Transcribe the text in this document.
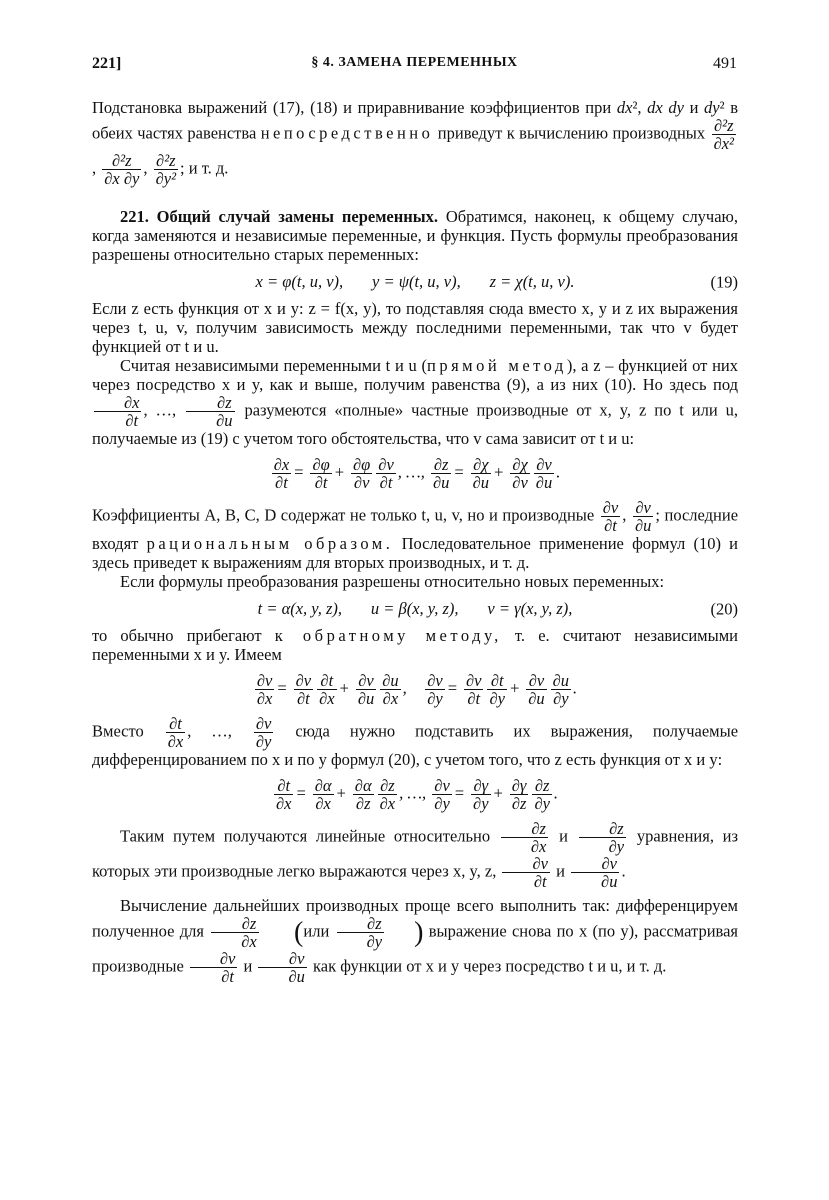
221]	§ 4. ЗАМЕНА ПЕРЕМЕННЫХ	491

Подстановка выражений (17), (18) и приравнивание коэффициентов при dx², dx dy и dy² в обеих частях равенства непосредственно приведут к вычислению производных $\frac{\text{∂²z}}{\text{∂x²}}$
, $\frac{\text{∂²z}}{\partial x \partial y}$ , $\frac{\text{∂²z}}{\text{∂y²}}$ ; и т. д.

221. Общий случай замены переменных. Обратимся, наконец, к общему случаю, когда заменяются и независимые переменные, и функция. Пусть формулы преобразования разрешены относительно старых переменных:

x = φ(t, u, v), y = ψ(t, u, v), z = χ(t, u, v).	(19)

Если z есть функция от x и y: z = f(x, y), то подставляя сюда вместо x, y и z их выражения через t, u, v, получим зависимость между последними переменными, так что v будет функцией от t и u.

Считая независимыми переменными t и u (прямой метод), а z – функцией от них через посредство x и y, как и выше, получим равенства (9), а из них (10). Но здесь под
$\frac{\partial x}{\partial t}$ , …, $\frac{\partial z}{\partial u}$ разумеются «полные» частные производные от x, y, z по t или u, получаемые из (19) с учетом того обстоятельства, что v сама зависит от t и u:

$\frac{\partial x}{\partial t} = \frac{\partial\varphi}{\partial t} + \frac{\partial\varphi}{\partial v} \frac{\partial v}{\partial t}$ , …, $\frac{\partial z}{\partial u} = \frac{\partial\chi}{\partial u} + \frac{\partial\chi}{\partial v} \frac{\partial v}{\partial u}$ .

Коэффициенты A, B, C, D содержат не только t, u, v, но и производные $\frac{\partial v}{\partial t}$ , $\frac{\partial v}{\partial u}$ ; последние входят рациональным образом. Последовательное применение формул (10) и здесь приведет к выражениям для вторых производных, и т. д.

Если формулы преобразования разрешены относительно новых переменных:

t = α(x, y, z), u = β(x, y, z), v = γ(x, y, z),	(20)

то обычно прибегают к обратному методу, т. е. считают независимыми переменными x и y. Имеем

$\frac{\partial v}{\partial x} = \frac{\partial v}{\partial t} \frac{\partial t}{\partial x} + \frac{\partial v}{\partial u} \frac{\partial u}{\partial x}$ , $\frac{\partial v}{\partial y} = \frac{\partial v}{\partial t} \frac{\partial t}{\partial y} + \frac{\partial v}{\partial u} \frac{\partial u}{\partial y}$ .

Вместо $\frac{\partial t}{\partial x}$ , …, $\frac{\partial v}{\partial y}$ сюда нужно подставить их выражения, получаемые дифференцированием по x и по y формул (20), с учетом того, что z есть функция от x и y:

$\frac{\partial t}{\partial x} = \frac{\partial\alpha}{\partial x} + \frac{\partial\alpha}{\partial z} \frac{\partial z}{\partial x}$ , …, $\frac{\partial v}{\partial y} = \frac{\partial\gamma}{\partial y} + \frac{\partial\gamma}{\partial z} \frac{\partial z}{\partial y}$ .

Таким путем получаются линейные относительно $\frac{\partial z}{\partial x}$ и $\frac{\partial z}{\partial y}$ уравнения, из которых эти производные легко выражаются через x, y, z, $\frac{\partial v}{\partial t}$ и $\frac{\partial v}{\partial u}$ .

Вычисление дальнейших производных проще всего выполнить так: дифференцируем полученное для $\frac{\partial z}{\partial x} (или \frac{\partial z}{\partial y}$ ) выражение снова по x (по y), рассматривая производные $\frac{\partial v}{\partial t}$ и $\frac{\partial v}{\partial u}$ как функции от x и y через посредство t и u, и т. д.
